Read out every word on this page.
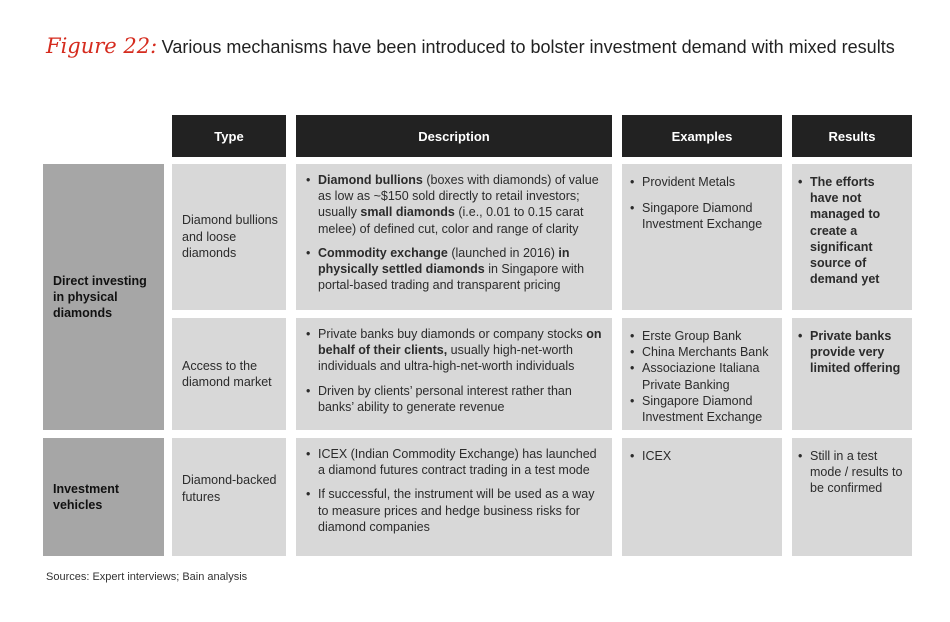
Figure 22: Various mechanisms have been introduced to bolster investment demand with mixed results
Type	Description	Examples	Results
Direct investing in physical diamonds
Investment vehicles
Diamond bullions and loose diamonds
• Diamond bullions (boxes with diamonds) of value as low as ~$150 sold directly to retail investors; usually small diamonds (i.e., 0.01 to 0.15 carat melee) of defined cut, color and range of clarity
• Commodity exchange (launched in 2016) in physically settled diamonds in Singapore with portal-based trading and transparent pricing
• Provident Metals
• Singapore Diamond Investment Exchange
• The efforts have not managed to create a significant source of demand yet
Access to the diamond market
• Private banks buy diamonds or company stocks on behalf of their clients, usually high-net-worth individuals and ultra-high-net-worth individuals
• Driven by clients’ personal interest rather than banks’ ability to generate revenue
• Erste Group Bank
• China Merchants Bank
• Associazione Italiana Private Banking
• Singapore Diamond Investment Exchange
• Private banks provide very limited offering
Diamond-backed futures
• ICEX (Indian Commodity Exchange) has launched a diamond futures contract trading in a test mode
• If successful, the instrument will be used as a way to measure prices and hedge business risks for diamond companies
• ICEX
•	Still in a test mode / results to be confirmed
Sources: Expert interviews; Bain analysis
